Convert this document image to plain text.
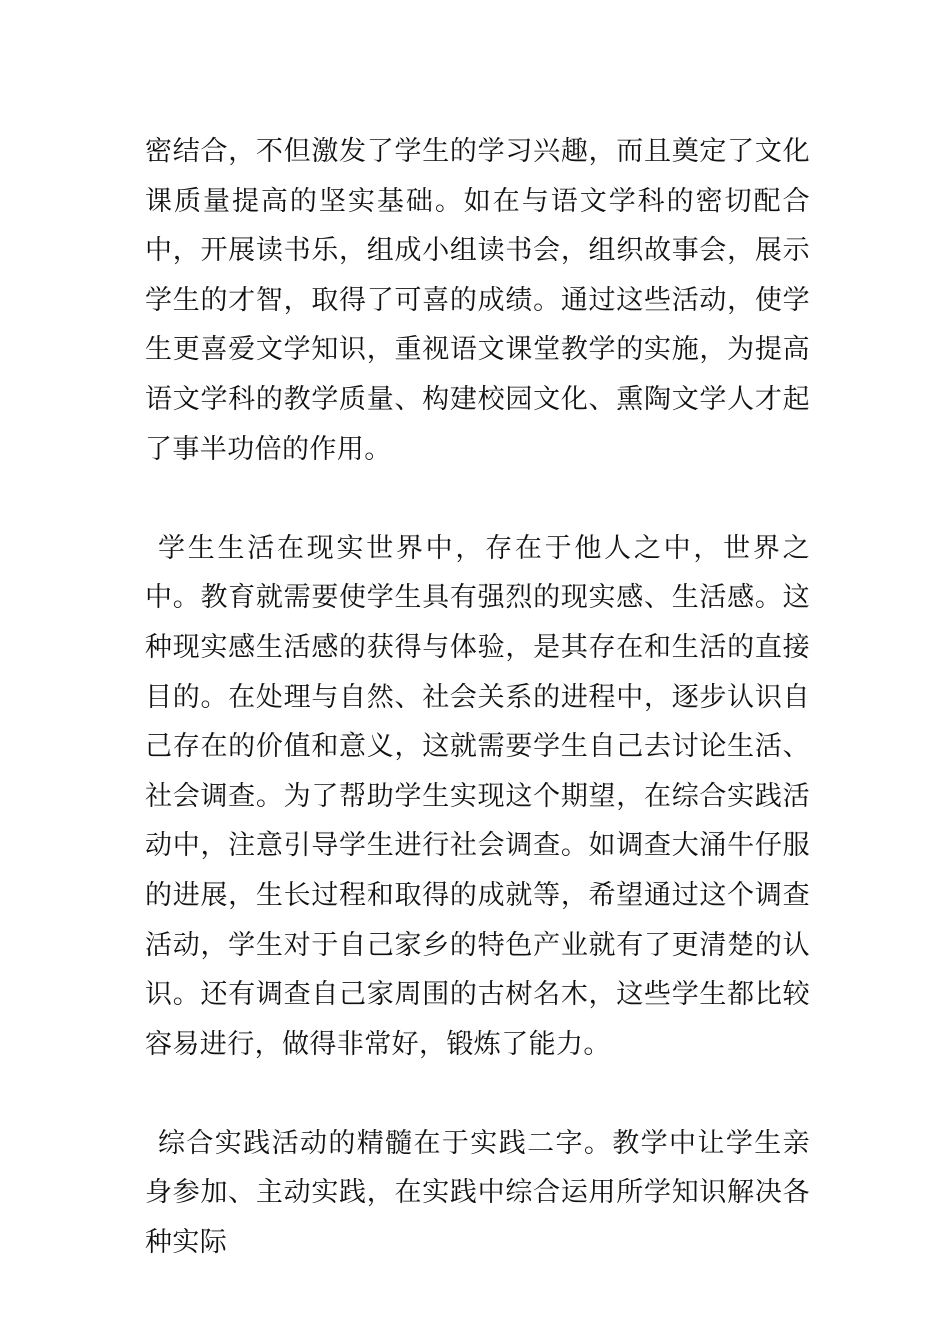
密结合，不但激发了学生的学习兴趣，而且奠定了文化课质量提高的坚实基础。如在与语文学科的密切配合中，开展读书乐，组成小组读书会，组织故事会，展示学生的才智，取得了可喜的成绩。通过这些活动，使学生更喜爱文学知识，重视语文课堂教学的实施，为提高语文学科的教学质量、构建校园文化、熏陶文学人才起了事半功倍的作用。

学生生活在现实世界中，存在于他人之中，世界之中。教育就需要使学生具有强烈的现实感、生活感。这种现实感生活感的获得与体验，是其存在和生活的直接目的。在处理与自然、社会关系的进程中，逐步认识自己存在的价值和意义，这就需要学生自己去讨论生活、社会调查。为了帮助学生实现这个期望，在综合实践活动中，注意引导学生进行社会调查。如调查大涌牛仔服的进展，生长过程和取得的成就等，希望通过这个调查活动，学生对于自己家乡的特色产业就有了更清楚的认识。还有调查自己家周围的古树名木，这些学生都比较容易进行，做得非常好，锻炼了能力。

综合实践活动的精髓在于实践二字。教学中让学生亲身参加、主动实践，在实践中综合运用所学知识解决各种实际
